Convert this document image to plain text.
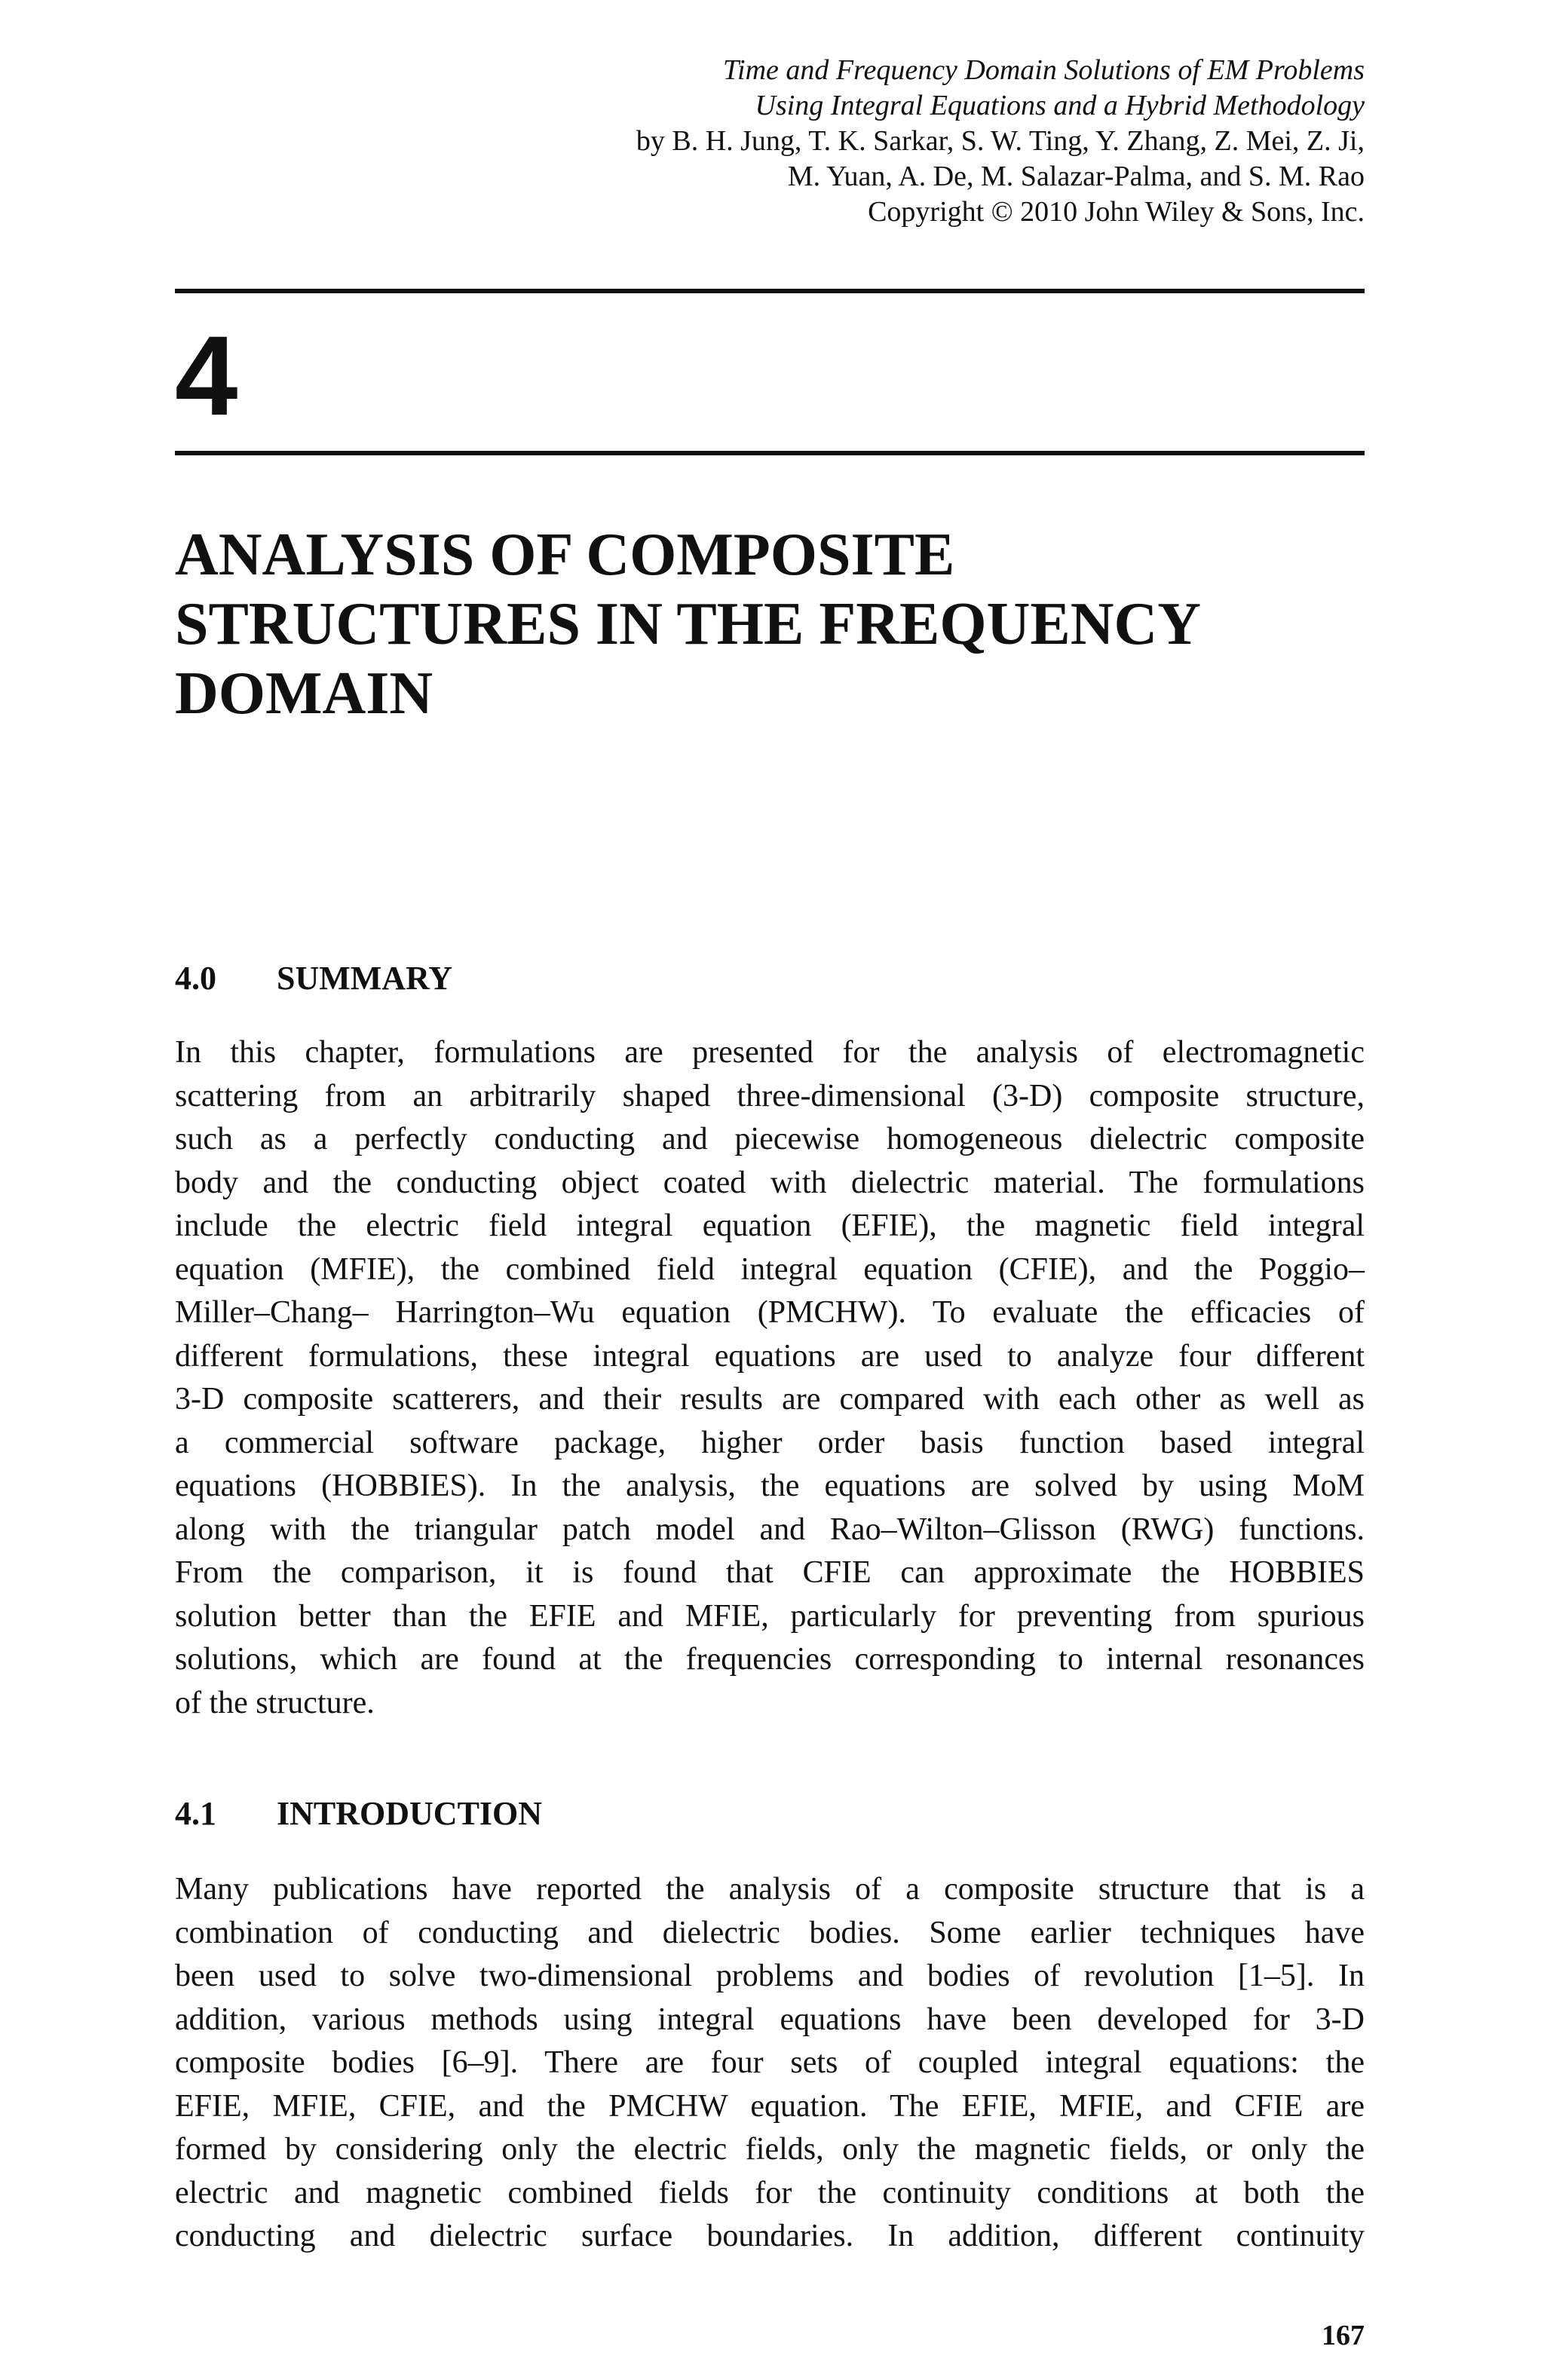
Time and Frequency Domain Solutions of EM Problems
Using Integral Equations and a Hybrid Methodology
by B. H. Jung, T. K. Sarkar, S. W. Ting, Y. Zhang, Z. Mei, Z. Ji,
M. Yuan, A. De, M. Salazar-Palma, and S. M. Rao
Copyright © 2010 John Wiley & Sons, Inc.
4
ANALYSIS OF COMPOSITE
STRUCTURES IN THE FREQUENCY
DOMAIN
4.0 SUMMARY
In this chapter, formulations are presented for the analysis of electromagnetic
scattering from an arbitrarily shaped three-dimensional (3-D) composite structure,
such as a perfectly conducting and piecewise homogeneous dielectric composite
body and the conducting object coated with dielectric material. The formulations
include the electric field integral equation (EFIE), the magnetic field integral
equation (MFIE), the combined field integral equation (CFIE), and the Poggio–
Miller–Chang– Harrington–Wu equation (PMCHW). To evaluate the efficacies of
different formulations, these integral equations are used to analyze four different
3-D composite scatterers, and their results are compared with each other as well as
a commercial software package, higher order basis function based integral
equations (HOBBIES). In the analysis, the equations are solved by using MoM
along with the triangular patch model and Rao–Wilton–Glisson (RWG) functions.
From the comparison, it is found that CFIE can approximate the HOBBIES
solution better than the EFIE and MFIE, particularly for preventing from spurious
solutions, which are found at the frequencies corresponding to internal resonances
of the structure.
4.1 INTRODUCTION
Many publications have reported the analysis of a composite structure that is a
combination of conducting and dielectric bodies. Some earlier techniques have
been used to solve two-dimensional problems and bodies of revolution [1–5]. In
addition, various methods using integral equations have been developed for 3-D
composite bodies [6–9]. There are four sets of coupled integral equations: the
EFIE, MFIE, CFIE, and the PMCHW equation. The EFIE, MFIE, and CFIE are
formed by considering only the electric fields, only the magnetic fields, or only the
electric and magnetic combined fields for the continuity conditions at both the
conducting and dielectric surface boundaries. In addition, different continuity
167
